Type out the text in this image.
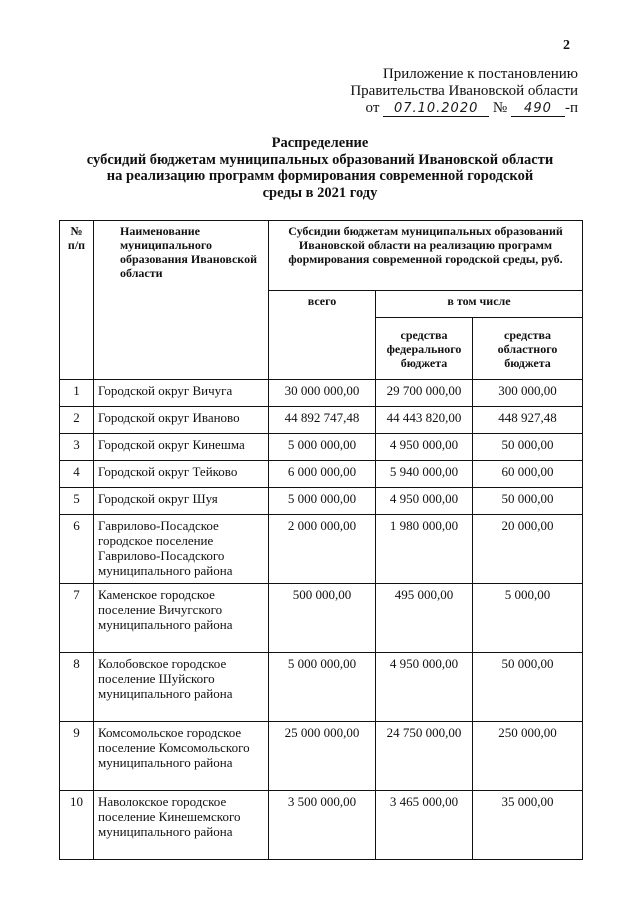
2
Приложение к постановлению
Правительства Ивановской области
от 07.10.2020 № 490 -п
Распределение
субсидий бюджетам муниципальных образований Ивановской области
на реализацию программ формирования современной городской
среды в 2021 году
№ п/п	Наименование муниципального образования Ивановской области	Субсидии бюджетам муниципальных образований Ивановской области на реализацию программ формирования современной городской среды, руб.		
		всего	в том числе	
			средства федерального бюджета	средства областного бюджета
1	Городской округ Вичуга	30 000 000,00	29 700 000,00	300 000,00
2	Городской округ Иваново	44 892 747,48	44 443 820,00	448 927,48
3	Городской округ Кинешма	5 000 000,00	4 950 000,00	50 000,00
4	Городской округ Тейково	6 000 000,00	5 940 000,00	60 000,00
5	Городской округ Шуя	5 000 000,00	4 950 000,00	50 000,00
6	Гаврилово-Посадское городское поселение Гаврилово-Посадского муниципального района	2 000 000,00	1 980 000,00	20 000,00
7	Каменское городское поселение Вичугского муниципального района	500 000,00	495 000,00	5 000,00
8	Колобовское городское поселение Шуйского муниципального района	5 000 000,00	4 950 000,00	50 000,00
9	Комсомольское городское поселение Комсомольского муниципального района	25 000 000,00	24 750 000,00	250 000,00
10	Наволокское городское поселение Кинешемского муниципального района	3 500 000,00	3 465 000,00	35 000,00
